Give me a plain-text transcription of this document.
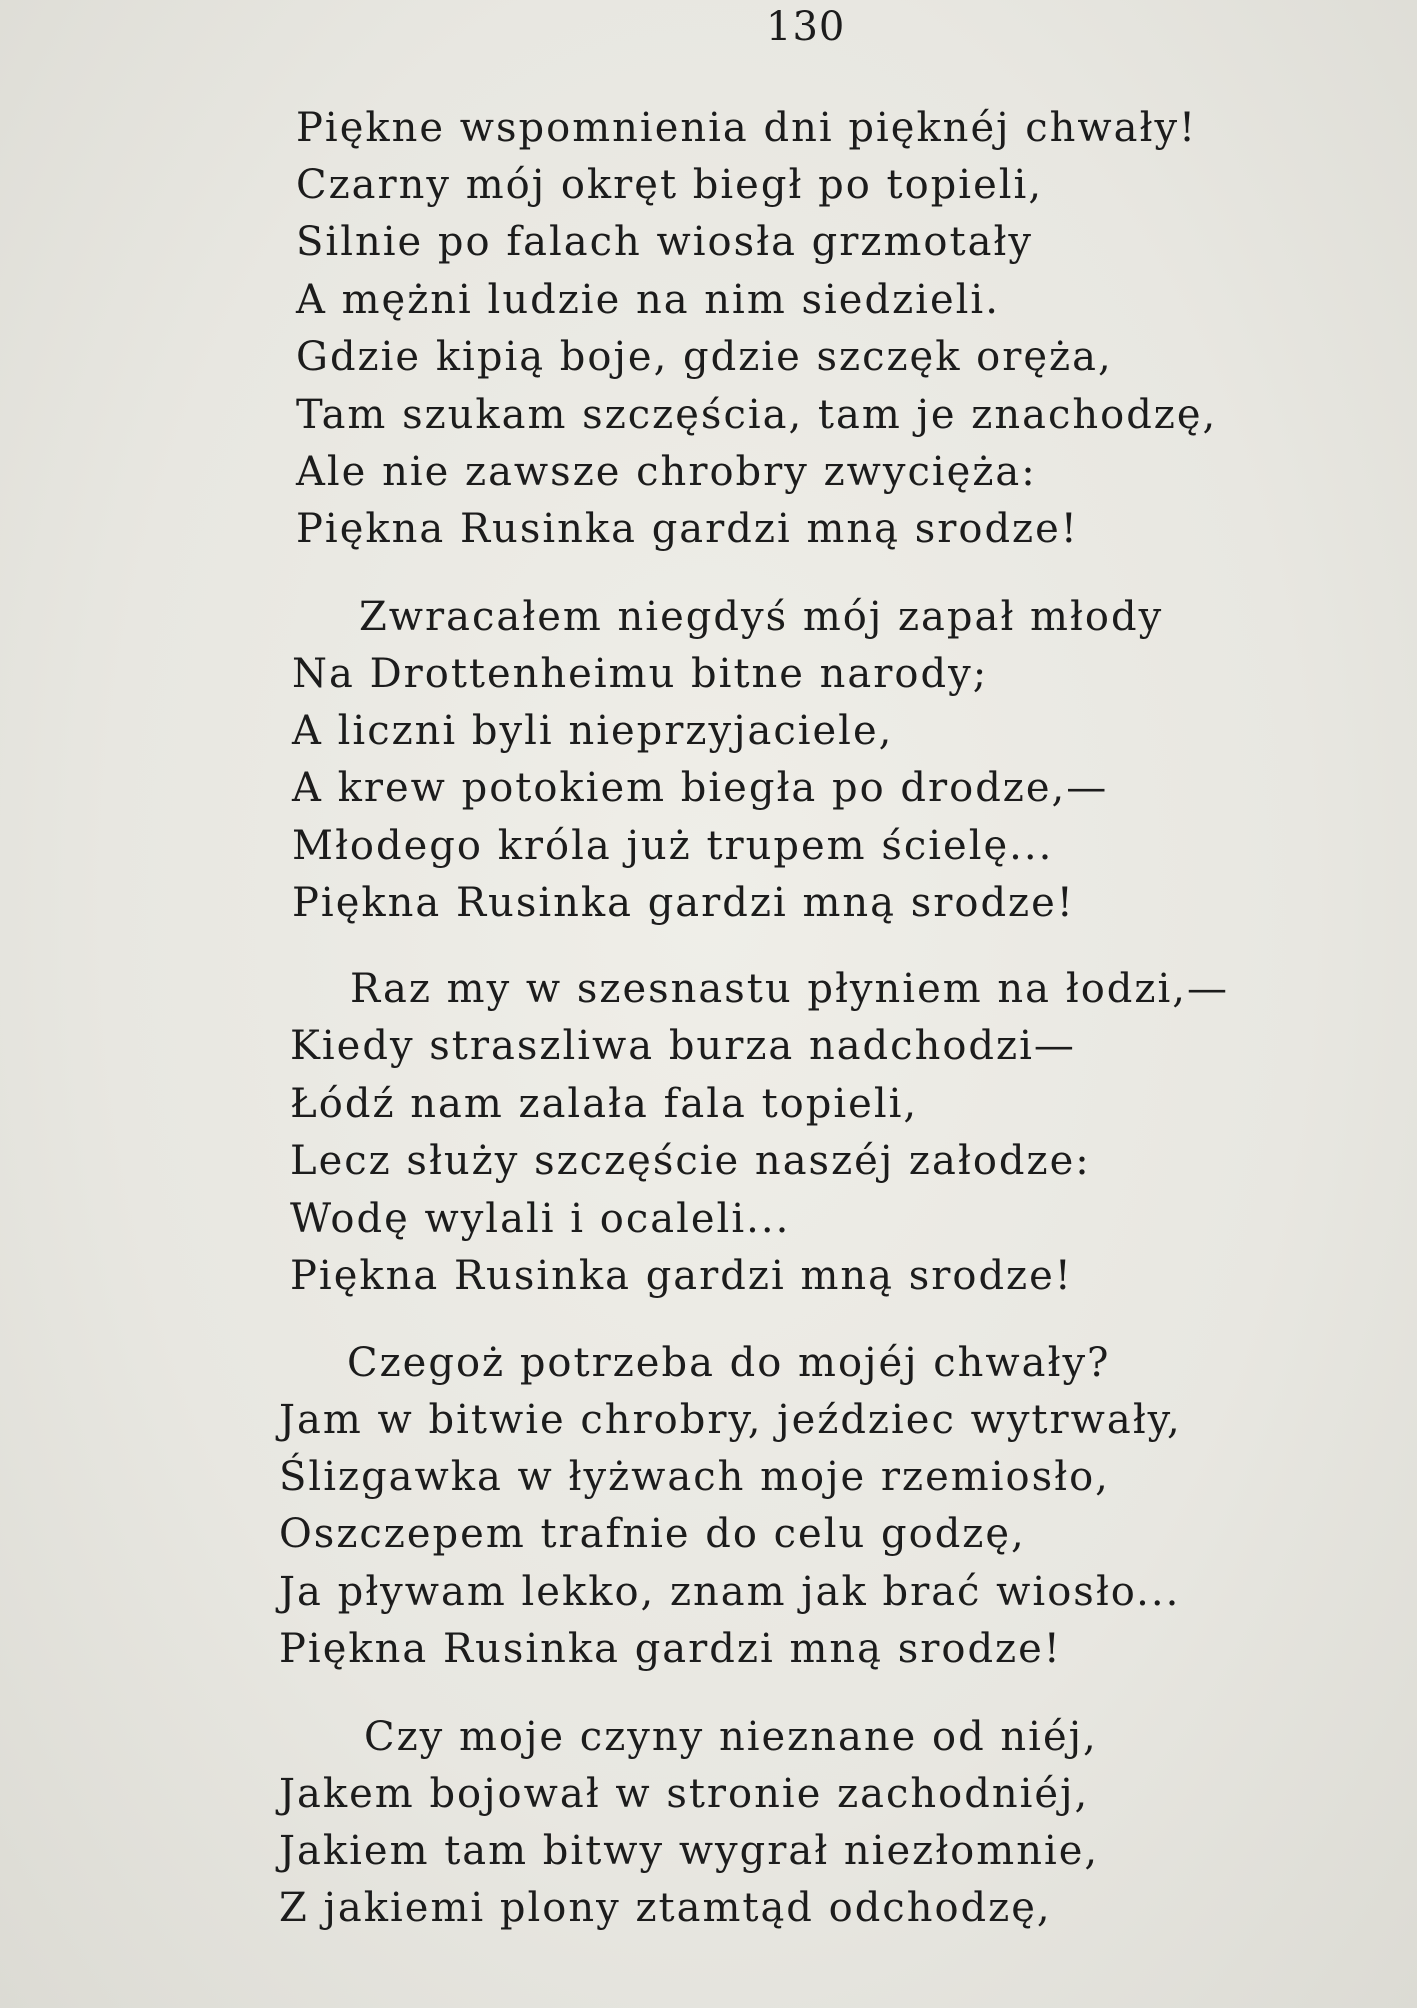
130
Piękne wspomnienia dni pięknéj chwały!
Czarny mój okręt biegł po topieli,
Silnie po falach wiosła grzmotały
A mężni ludzie na nim siedzieli.
Gdzie kipią boje, gdzie szczęk oręża,
Tam szukam szczęścia, tam je znachodzę,
Ale nie zawsze chrobry zwycięża:
Piękna Rusinka gardzi mną srodze!
Zwracałem niegdyś mój zapał młody
Na Drottenheimu bitne narody;
A liczni byli nieprzyjaciele,
A krew potokiem biegła po drodze,—
Młodego króla już trupem ścielę...
Piękna Rusinka gardzi mną srodze!
Raz my w szesnastu płyniem na łodzi,—
Kiedy straszliwa burza nadchodzi—
Łódź nam zalała fala topieli,
Lecz służy szczęście naszéj załodze:
Wodę wylali i ocaleli...
Piękna Rusinka gardzi mną srodze!
Czegoż potrzeba do mojéj chwały?
Jam w bitwie chrobry, jeździec wytrwały,
Ślizgawka w łyżwach moje rzemiosło,
Oszczepem trafnie do celu godzę,
Ja pływam lekko, znam jak brać wiosło...
Piękna Rusinka gardzi mną srodze!
Czy moje czyny nieznane od niéj,
Jakem bojował w stronie zachodniéj,
Jakiem tam bitwy wygrał niezłomnie,
Z jakiemi plony ztamtąd odchodzę,
